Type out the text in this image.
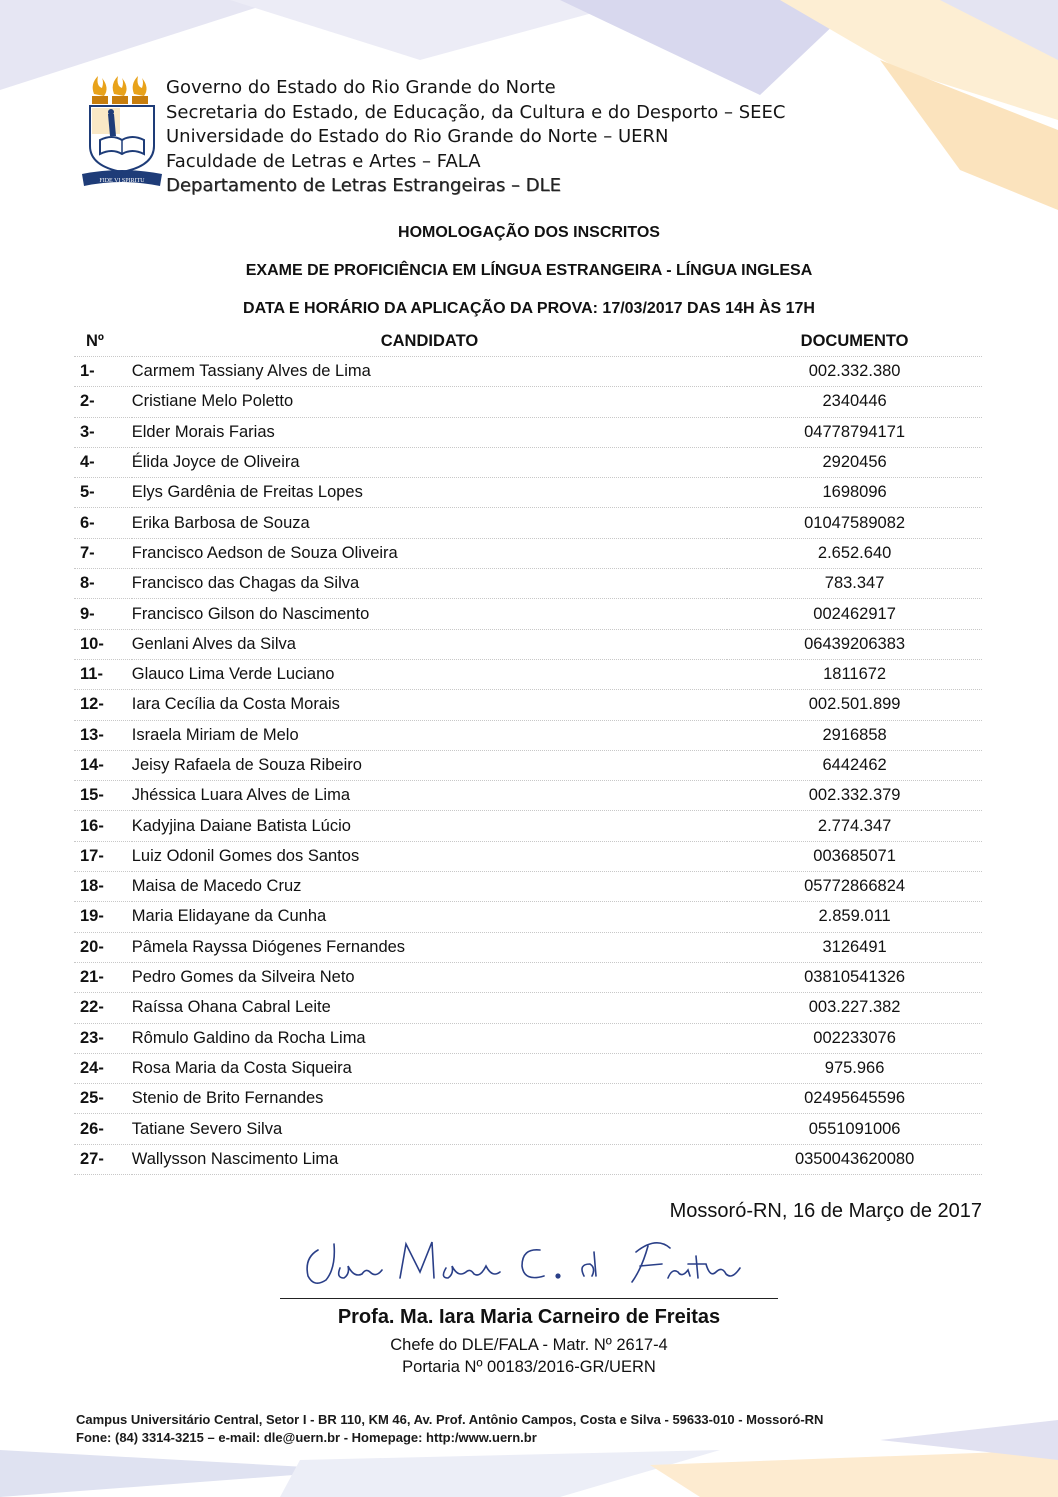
FIDE VI SPIRITU
Governo do Estado do Rio Grande do Norte
Secretaria do Estado, de Educação, da Cultura e do Desporto – SEEC
Universidade do Estado do Rio Grande do Norte – UERN
Faculdade de Letras e Artes – FALA
Departamento de Letras Estrangeiras – DLE
HOMOLOGAÇÃO DOS INSCRITOS
EXAME DE PROFICIÊNCIA EM LÍNGUA ESTRANGEIRA - LÍNGUA INGLESA
DATA E HORÁRIO DA APLICAÇÃO DA PROVA: 17/03/2017 DAS 14H ÀS 17H
Nº	CANDIDATO	DOCUMENTO
1-	Carmem Tassiany Alves de Lima	002.332.380
2-	Cristiane Melo Poletto	2340446
3-	Elder Morais Farias	04778794171
4-	Élida Joyce de Oliveira	2920456
5-	Elys Gardênia de Freitas Lopes	1698096
6-	Erika Barbosa de Souza	01047589082
7-	Francisco Aedson de Souza Oliveira	2.652.640
8-	Francisco das Chagas da Silva	783.347
9-	Francisco Gilson do Nascimento	002462917
10-	Genlani Alves da Silva	06439206383
11-	Glauco Lima Verde Luciano	1811672
12-	Iara Cecília da Costa Morais	002.501.899
13-	Israela Miriam de Melo	2916858
14-	Jeisy Rafaela de Souza Ribeiro	6442462
15-	Jhéssica Luara Alves de Lima	002.332.379
16-	Kadyjina Daiane Batista Lúcio	2.774.347
17-	Luiz Odonil Gomes dos Santos	003685071
18-	Maisa de Macedo Cruz	05772866824
19-	Maria Elidayane da Cunha	2.859.011
20-	Pâmela Rayssa Diógenes Fernandes	3126491
21-	Pedro Gomes da Silveira Neto	03810541326
22-	Raíssa Ohana Cabral Leite	003.227.382
23-	Rômulo Galdino da Rocha Lima	002233076
24-	Rosa Maria da Costa Siqueira	975.966
25-	Stenio de Brito Fernandes	02495645596
26-	Tatiane Severo Silva	0551091006
27-	Wallysson Nascimento Lima	0350043620080
Mossoró-RN, 16 de Março de 2017
Profa. Ma. Iara Maria Carneiro de Freitas
Chefe do DLE/FALA - Matr. Nº 2617-4
Portaria Nº 00183/2016-GR/UERN
Campus Universitário Central, Setor I - BR 110, KM 46, Av. Prof. Antônio Campos, Costa e Silva - 59633-010 - Mossoró-RN
Fone: (84) 3314-3215 – e-mail: dle@uern.br - Homepage: http:/www.uern.br
